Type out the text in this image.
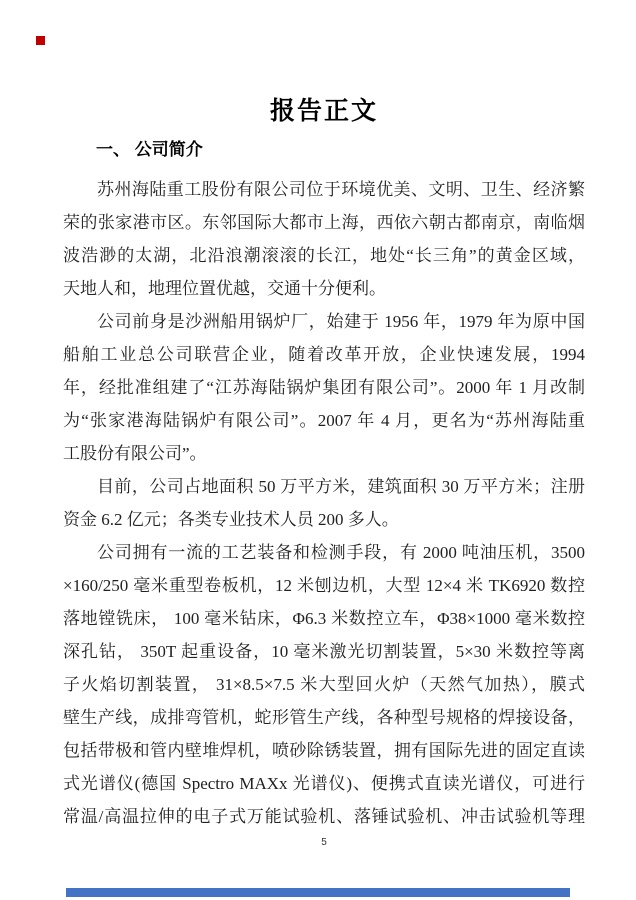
报告正文
一、 公司简介
苏州海陆重工股份有限公司位于环境优美、文明、卫生、经济繁
荣的张家港市区。东邻国际大都市上海，西依六朝古都南京，南临烟
波浩渺的太湖，北沿浪潮滚滚的长江，地处“长三角”的黄金区域，
天地人和，地理位置优越，交通十分便利。
公司前身是沙洲船用锅炉厂，始建于 1956 年，1979 年为原中国
船舶工业总公司联营企业，随着改革开放，企业快速发展，1994
年，经批准组建了“江苏海陆锅炉集团有限公司”。2000 年 1 月改制
为“张家港海陆锅炉有限公司”。2007 年 4 月，更名为“苏州海陆重
工股份有限公司”。
目前，公司占地面积 50 万平方米，建筑面积 30 万平方米；注册
资金 6.2 亿元；各类专业技术人员 200 多人。
公司拥有一流的工艺装备和检测手段，有 2000 吨油压机，3500
×160/250 毫米重型卷板机，12 米刨边机，大型 12×4 米 TK6920 数控
落地镗铣床， 100 毫米钻床，Φ6.3 米数控立车，Φ38×1000 毫米数控
深孔钻， 350T 起重设备，10 毫米激光切割装置，5×30 米数控等离
子火焰切割装置， 31×8.5×7.5 米大型回火炉（天然气加热），膜式
壁生产线，成排弯管机，蛇形管生产线，各种型号规格的焊接设备，
包括带极和管内壁堆焊机，喷砂除锈装置，拥有国际先进的固定直读
式光谱仪(德国 Spectro MAXx 光谱仪)、便携式直读光谱仪，可进行
常温/高温拉伸的电子式万能试验机、落锤试验机、冲击试验机等理
5
